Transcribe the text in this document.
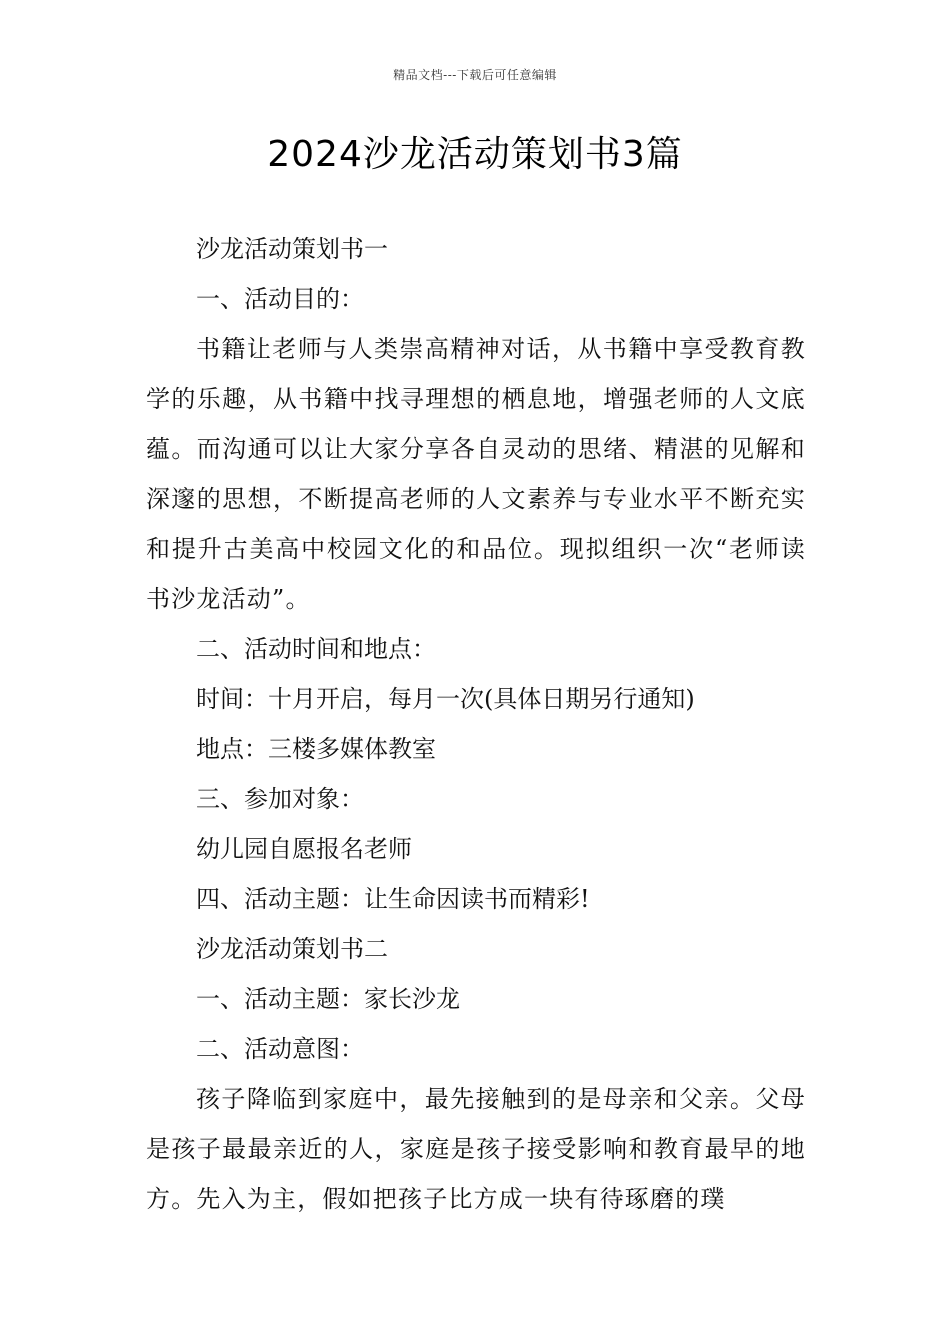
精品文档---下载后可任意编辑
2024沙龙活动策划书3篇

沙龙活动策划书一

一、活动目的：

书籍让老师与人类崇高精神对话，从书籍中享受教育教学的乐趣，从书籍中找寻理想的栖息地，增强老师的人文底蕴。而沟通可以让大家分享各自灵动的思绪、精湛的见解和深邃的思想，不断提高老师的人文素养与专业水平不断充实和提升古美高中校园文化的和品位。现拟组织一次“老师读书沙龙活动”。

二、活动时间和地点：

时间：十月开启，每月一次(具体日期另行通知)

地点：三楼多媒体教室

三、参加对象：

幼儿园自愿报名老师

四、活动主题：让生命因读书而精彩!

沙龙活动策划书二

一、活动主题：家长沙龙

二、活动意图：

孩子降临到家庭中，最先接触到的是母亲和父亲。父母是孩子最最亲近的人，家庭是孩子接受影响和教育最早的地方。先入为主，假如把孩子比方成一块有待琢磨的璞
